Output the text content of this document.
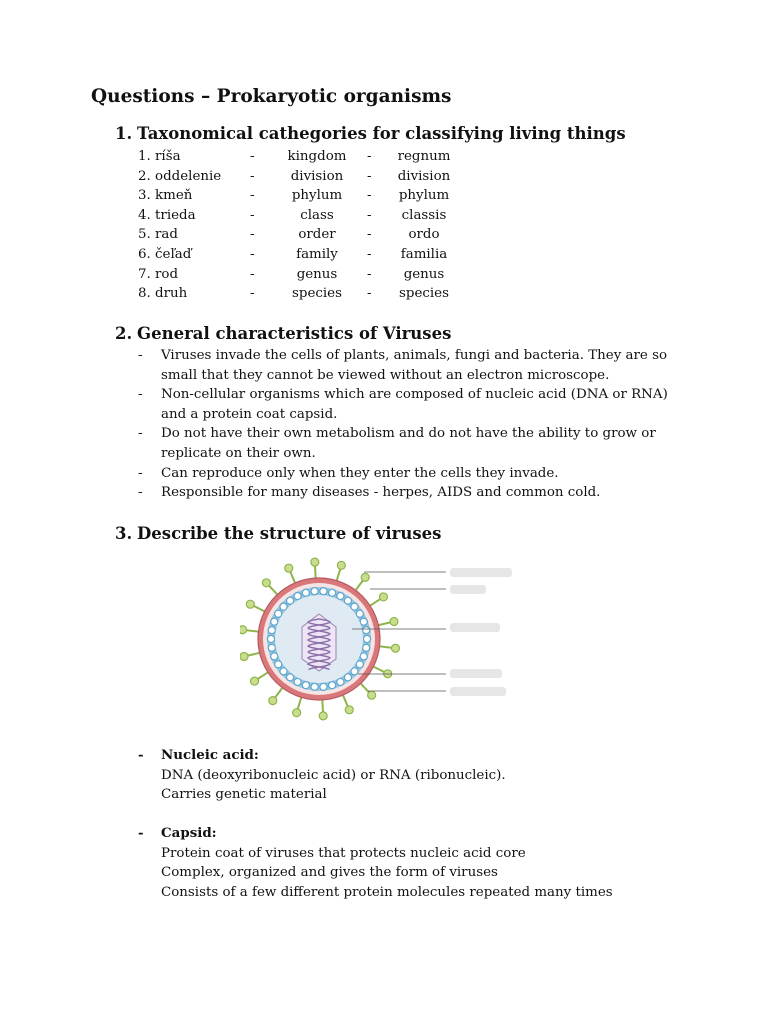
Questions – Prokaryotic organisms
1. Taxonomical cathegories for classifying living things
1. ríša	-	kingdom	-	regnum
2. oddelenie -	division	-	division
3. kmeň	-	phylum	-	phylum
4. trieda	-	class	-	classis
5. rad	-	order	-	ordo
6. čeľaď	-	family	-	familia
7. rod	-	genus	-	genus
8. druh	-	species	-	species
2. General characteristics of Viruses
- Viruses invade the cells of plants, animals, fungi and bacteria. They are so
small that they cannot be viewed without an electron microscope.
- Non-cellular organisms which are composed of nucleic acid (DNA or RNA)
and a protein coat capsid.
- Do not have their own metabolism and do not have the ability to grow or
replicate on their own.
- Can reproduce only when they enter the cells they invade.
- Responsible for many diseases - herpes, AIDS and common cold.
3. Describe the structure of viruses
- Nucleic acid:
DNA (deoxyribonucleic acid) or RNA (ribonucleic).
Carries genetic material
- Capsid:
Protein coat of viruses that protects nucleic acid core
Complex, organized and gives the form of viruses
Consists of a few different protein molecules repeated many times
